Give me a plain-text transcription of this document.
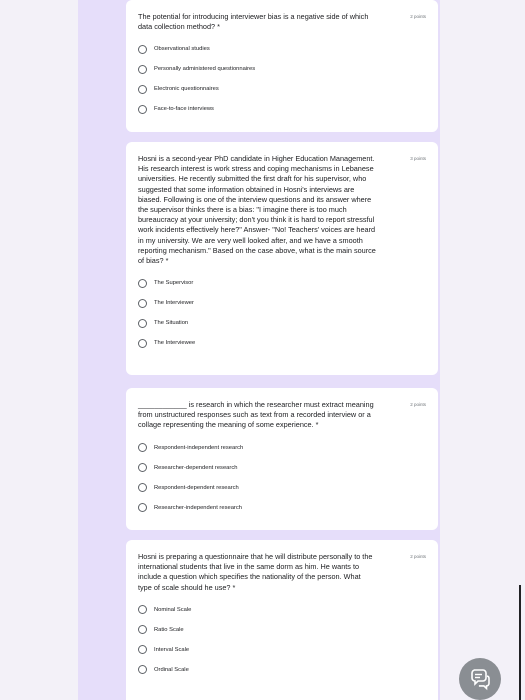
The potential for introducing interviewer bias is a negative side of which
data collection method? *
2 points
Observational studies
Personally administered questionnaires
Electronic questionnaires
Face-to-face interviews
Hosni is a second-year PhD candidate in Higher Education Management.
His research interest is work stress and coping mechanisms in Lebanese
universities. He recently submitted the first draft for his supervisor, who
suggested that some information obtained in Hosni's interviews are
biased. Following is one of the interview questions and its answer where
the supervisor thinks there is a bias: "I imagine there is too much
bureaucracy at your university; don't you think it is hard to report stressful
work incidents effectively here?" Answer- "No! Teachers' voices are heard
in my university. We are very well looked after, and we have a smooth
reporting mechanism." Based on the case above, what is the main source
of bias? *
3 points
The Supervisor
The Interviewer
The Situation
The Interviewee
____________ is research in which the researcher must extract meaning
from unstructured responses such as text from a recorded interview or a
collage representing the meaning of some experience. *
2 points
Respondent-independent research
Researcher-dependent research
Respondent-dependent research
Researcher-independent research
Hosni is preparing a questionnaire that he will distribute personally to the
international students that live in the same dorm as him. He wants to
include a question which specifies the nationality of the person. What
type of scale should he use? *
2 points
Nominal Scale
Ratio Scale
Interval Scale
Ordinal Scale
